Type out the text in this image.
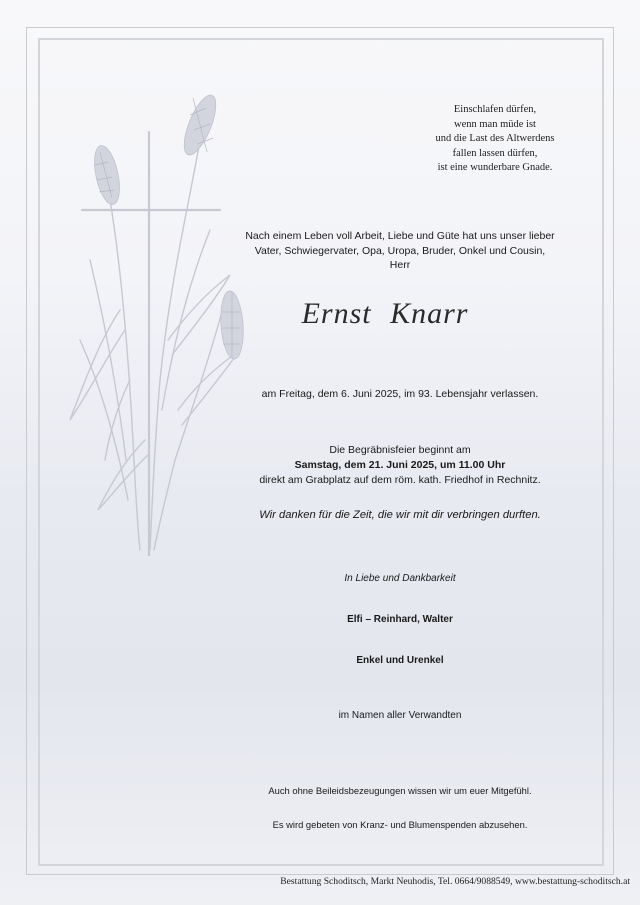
Einschlafen dürfen,
wenn man müde ist
und die Last des Altwerdens
fallen lassen dürfen,
ist eine wunderbare Gnade.
Nach einem Leben voll Arbeit, Liebe und Güte hat uns unser lieber
Vater, Schwiegervater, Opa, Uropa, Bruder, Onkel und Cousin,
Herr
Ernst Knarr
am Freitag, dem 6. Juni 2025, im 93. Lebensjahr verlassen.
Die Begräbnisfeier beginnt am
Samstag, dem 21. Juni 2025, um 11.00 Uhr
direkt am Grabplatz auf dem röm. kath. Friedhof in Rechnitz.
Wir danken für die Zeit, die wir mit dir verbringen durften.
In Liebe und Dankbarkeit
Elfi – Reinhard, Walter
Enkel und Urenkel
im Namen aller Verwandten
Auch ohne Beileidsbezeugungen wissen wir um euer Mitgefühl.
Es wird gebeten von Kranz- und Blumenspenden abzusehen.
Bestattung Schoditsch, Markt Neuhodis, Tel. 0664/9088549, www.bestattung-schoditsch.at
